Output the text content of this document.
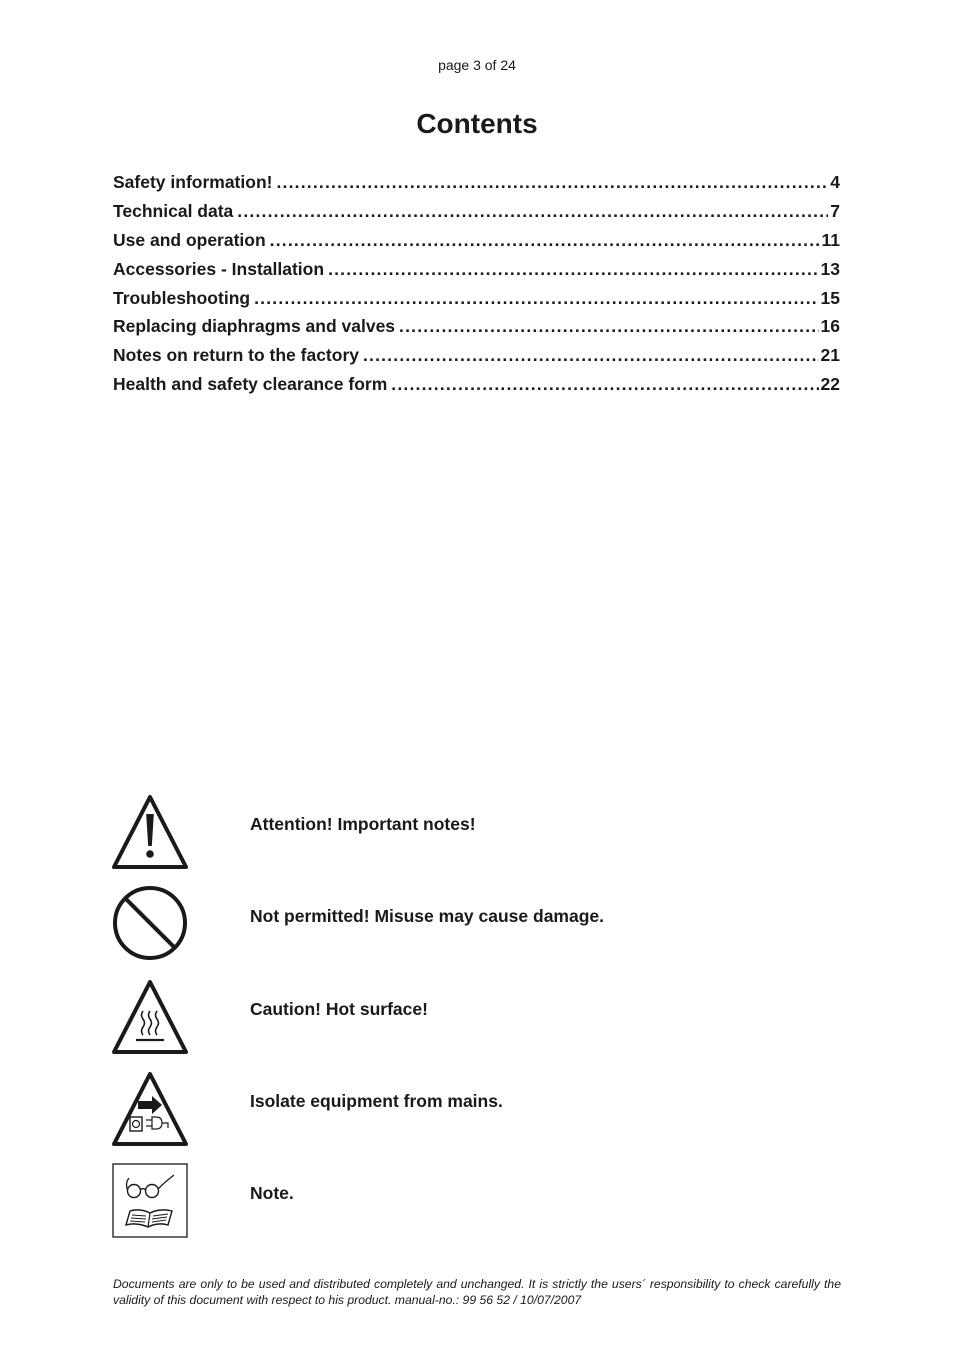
page 3 of 24
Contents
Safety information! .....	4
Technical data .....	7
Use and operation .....	11
Accessories - Installation .....	13
Troubleshooting .....	15
Replacing diaphragms and valves .....	16
Notes on return to the factory .....	21
Health and safety clearance form .....	22
Attention! Important notes!
Not permitted! Misuse may cause damage.
Caution! Hot surface!
Isolate equipment from mains.
Note.
Documents are only to be used and distributed completely and unchanged. It is strictly the users´ responsibility to check carefully the validity of this document with respect to his product. manual-no.: 99 56 52 / 10/07/2007
